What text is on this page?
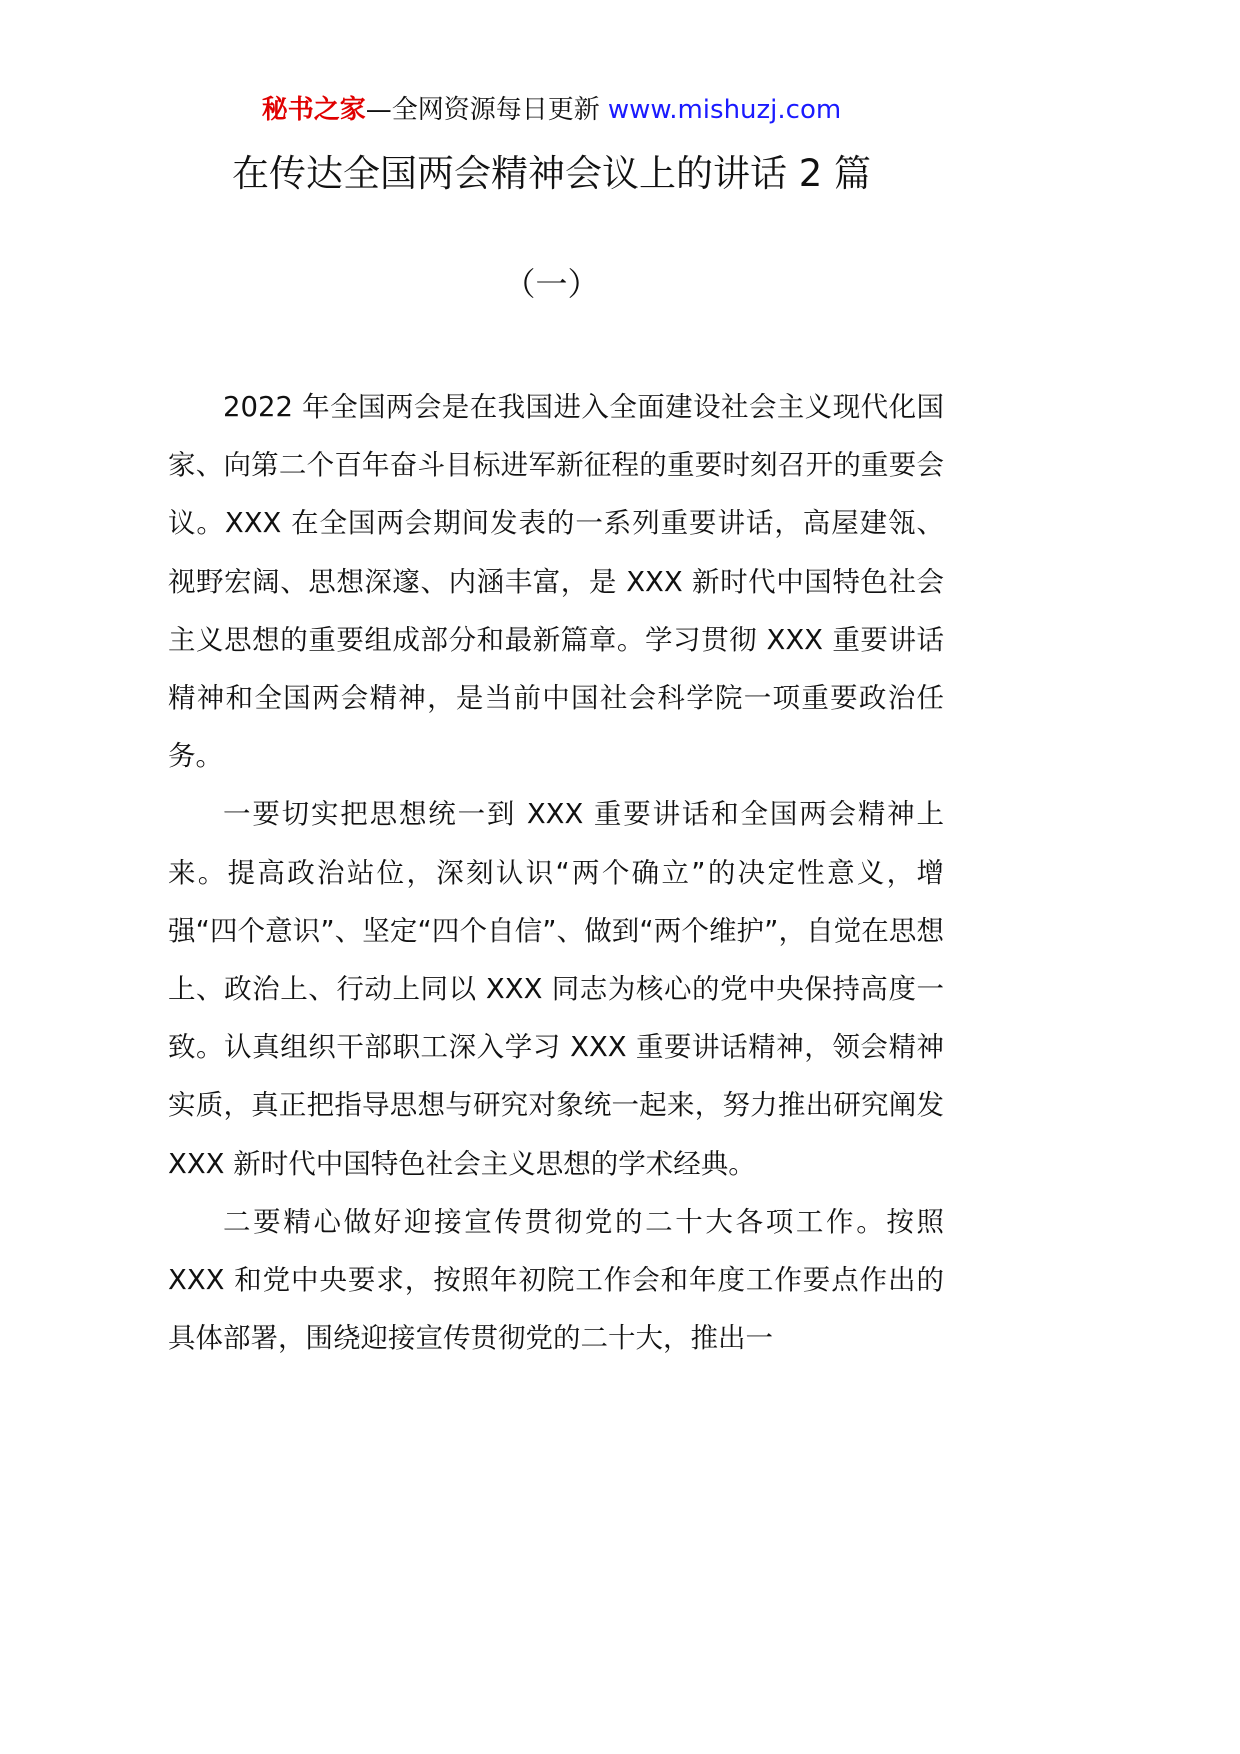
秘书之家—全网资源每日更新 www.mishuzj.com
在传达全国两会精神会议上的讲话 2 篇
（一）

2022 年全国两会是在我国进入全面建设社会主义现代化国家、向第二个百年奋斗目标进军新征程的重要时刻召开的重要会议。XXX 在全国两会期间发表的一系列重要讲话，高屋建瓴、视野宏阔、思想深邃、内涵丰富，是 XXX 新时代中国特色社会主义思想的重要组成部分和最新篇章。学习贯彻 XXX 重要讲话精神和全国两会精神，是当前中国社会科学院一项重要政治任务。

一要切实把思想统一到 XXX 重要讲话和全国两会精神上来。提高政治站位，深刻认识“两个确立”的决定性意义，增强“四个意识”、坚定“四个自信”、做到“两个维护”，自觉在思想上、政治上、行动上同以 XXX 同志为核心的党中央保持高度一致。认真组织干部职工深入学习 XXX 重要讲话精神，领会精神实质，真正把指导思想与研究对象统一起来，努力推出研究阐发 XXX 新时代中国特色社会主义思想的学术经典。

二要精心做好迎接宣传贯彻党的二十大各项工作。按照 XXX 和党中央要求，按照年初院工作会和年度工作要点作出的具体部署，围绕迎接宣传贯彻党的二十大，推出一
